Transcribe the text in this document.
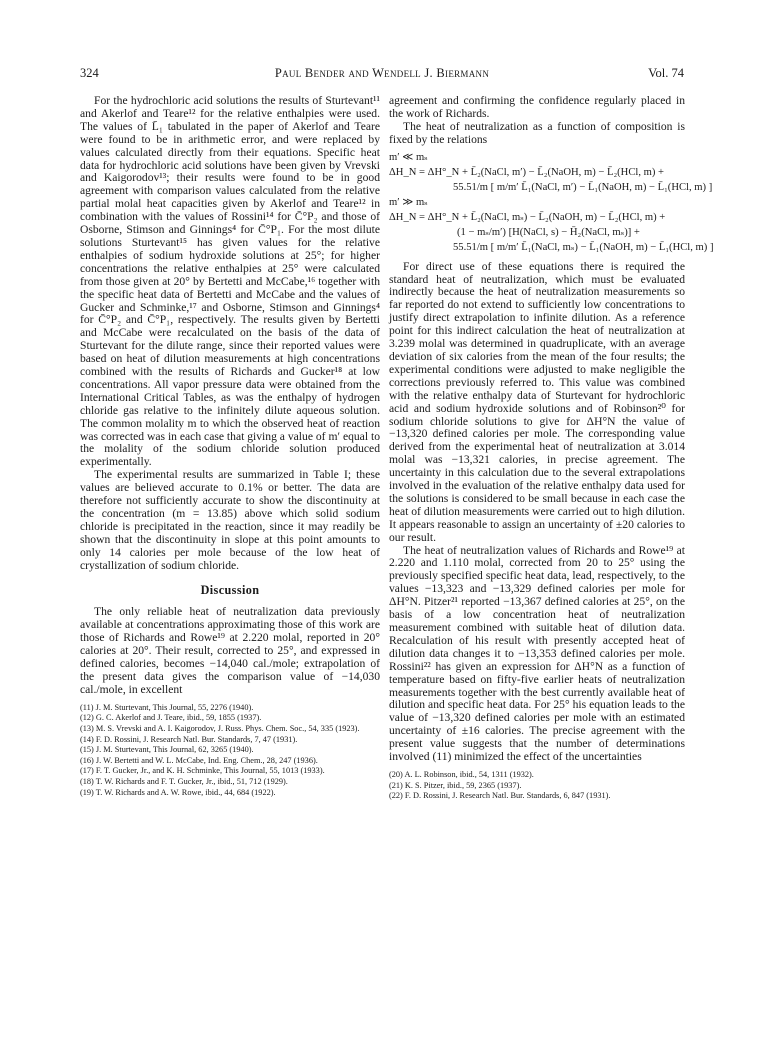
324	Paul Bender and Wendell J. Biermann	Vol. 74

For the hydrochloric acid solutions the results of Sturtevant¹¹ and Akerlof and Teare¹² for the relative enthalpies were used. The values of L̄₁ tabulated in the paper of Akerlof and Teare were found to be in arithmetic error, and were replaced by values calculated directly from their equations. Specific heat data for hydrochloric acid solutions have been given by Vrevski and Kaigorodov¹³; their results were found to be in good agreement with comparison values calculated from the relative partial molal heat capacities given by Akerlof and Teare¹² in combination with the values of Rossini¹⁴ for C̄°P₂ and those of Osborne, Stimson and Ginnings⁴ for C̄°P₁. For the most dilute solutions Sturtevant¹⁵ has given values for the relative enthalpies of sodium hydroxide solutions at 25°; for higher concentrations the relative enthalpies at 25° were calculated from those given at 20° by Bertetti and McCabe,¹⁶ together with the specific heat data of Bertetti and McCabe and the values of Gucker and Schminke,¹⁷ and Osborne, Stimson and Ginnings⁴ for C̄°P₂ and C̄°P₁, respectively. The results given by Bertetti and McCabe were recalculated on the basis of the data of Sturtevant for the dilute range, since their reported values were based on heat of dilution measurements at high concentrations combined with the results of Richards and Gucker¹⁸ at low concentrations. All vapor pressure data were obtained from the International Critical Tables, as was the enthalpy of hydrogen chloride gas relative to the infinitely dilute aqueous solution. The common molality m to which the observed heat of reaction was corrected was in each case that giving a value of m′ equal to the molality of the sodium chloride solution produced experimentally.

The experimental results are summarized in Table I; these values are believed accurate to 0.1% or better. The data are therefore not sufficiently accurate to show the discontinuity at the concentration (m = 13.85) above which solid sodium chloride is precipitated in the reaction, since it may readily be shown that the discontinuity in slope at this point amounts to only 14 calories per mole because of the low heat of crystallization of sodium chloride.

Discussion

The only reliable heat of neutralization data previously available at concentrations approximating those of this work are those of Richards and Rowe¹⁹ at 2.220 molal, reported in 20° calories at 20°. Their result, corrected to 25°, and expressed in defined calories, becomes −14,040 cal./mole; extrapolation of the present data gives the comparison value of −14,030 cal./mole, in excellent

(11) J. M. Sturtevant, This Journal, 55, 2276 (1940).

(12) G. C. Akerlof and J. Teare, ibid., 59, 1855 (1937).

(13) M. S. Vrevski and A. I. Kaigorodov, J. Russ. Phys. Chem. Soc., 54, 335 (1923).

(14) F. D. Rossini, J. Research Natl. Bur. Standards, 7, 47 (1931).

(15) J. M. Sturtevant, This Journal, 62, 3265 (1940).

(16) J. W. Bertetti and W. L. McCabe, Ind. Eng. Chem., 28, 247 (1936).

(17) F. T. Gucker, Jr., and K. H. Schminke, This Journal, 55, 1013 (1933).

(18) T. W. Richards and F. T. Gucker, Jr., ibid., 51, 712 (1929).

(19) T. W. Richards and A. W. Rowe, ibid., 44, 684 (1922).

agreement and confirming the confidence regularly placed in the work of Richards.

The heat of neutralization as a function of composition is fixed by the relations

m′ ≪ mₛ

ΔH_N = ΔH°_N + L̄₂(NaCl, m′) − L̄₂(NaOH, m) − L̄₂(HCl, m) +

55.51/m [ m/m′ L̄₁(NaCl, m′) − L̄₁(NaOH, m) − L̄₁(HCl, m) ]

m′ ≫ mₛ

ΔH_N = ΔH°_N + L̄₂(NaCl, mₛ) − L̄₂(NaOH, m) − L̄₂(HCl, m) +

(1 − mₛ/m′) [H(NaCl, s) − H̄₂(NaCl, mₛ)] +

55.51/m [ m/m′ L̄₁(NaCl, mₛ) − L̄₁(NaOH, m) − L̄₁(HCl, m) ]

For direct use of these equations there is required the standard heat of neutralization, which must be evaluated indirectly because the heat of neutralization measurements so far reported do not extend to sufficiently low concentrations to justify direct extrapolation to infinite dilution. As a reference point for this indirect calculation the heat of neutralization at 3.239 molal was determined in quadruplicate, with an average deviation of six calories from the mean of the four results; the experimental conditions were adjusted to make negligible the corrections previously referred to. This value was combined with the relative enthalpy data of Sturtevant for hydrochloric acid and sodium hydroxide solutions and of Robinson²⁰ for sodium chloride solutions to give for ΔH°N the value of −13,320 defined calories per mole. The corresponding value derived from the experimental heat of neutralization at 3.014 molal was −13,321 calories, in precise agreement. The uncertainty in this calculation due to the several extrapolations involved in the evaluation of the relative enthalpy data used for the solutions is considered to be small because in each case the heat of dilution measurements were carried out to high dilution. It appears reasonable to assign an uncertainty of ±20 calories to our result.

The heat of neutralization values of Richards and Rowe¹⁹ at 2.220 and 1.110 molal, corrected from 20 to 25° using the previously specified specific heat data, lead, respectively, to the values −13,323 and −13,329 defined calories per mole for ΔH°N. Pitzer²¹ reported −13,367 defined calories at 25°, on the basis of a low concentration heat of neutralization measurement combined with suitable heat of dilution data. Recalculation of his result with presently accepted heat of dilution data changes it to −13,353 defined calories per mole. Rossini²² has given an expression for ΔH°N as a function of temperature based on fifty-five earlier heats of neutralization measurements together with the best currently available heat of dilution and specific heat data. For 25° his equation leads to the value of −13,320 defined calories per mole with an estimated uncertainty of ±16 calories. The precise agreement with the present value suggests that the number of determinations involved (11) minimized the effect of the uncertainties

(20) A. L. Robinson, ibid., 54, 1311 (1932).

(21) K. S. Pitzer, ibid., 59, 2365 (1937).

(22) F. D. Rossini, J. Research Natl. Bur. Standards, 6, 847 (1931).
